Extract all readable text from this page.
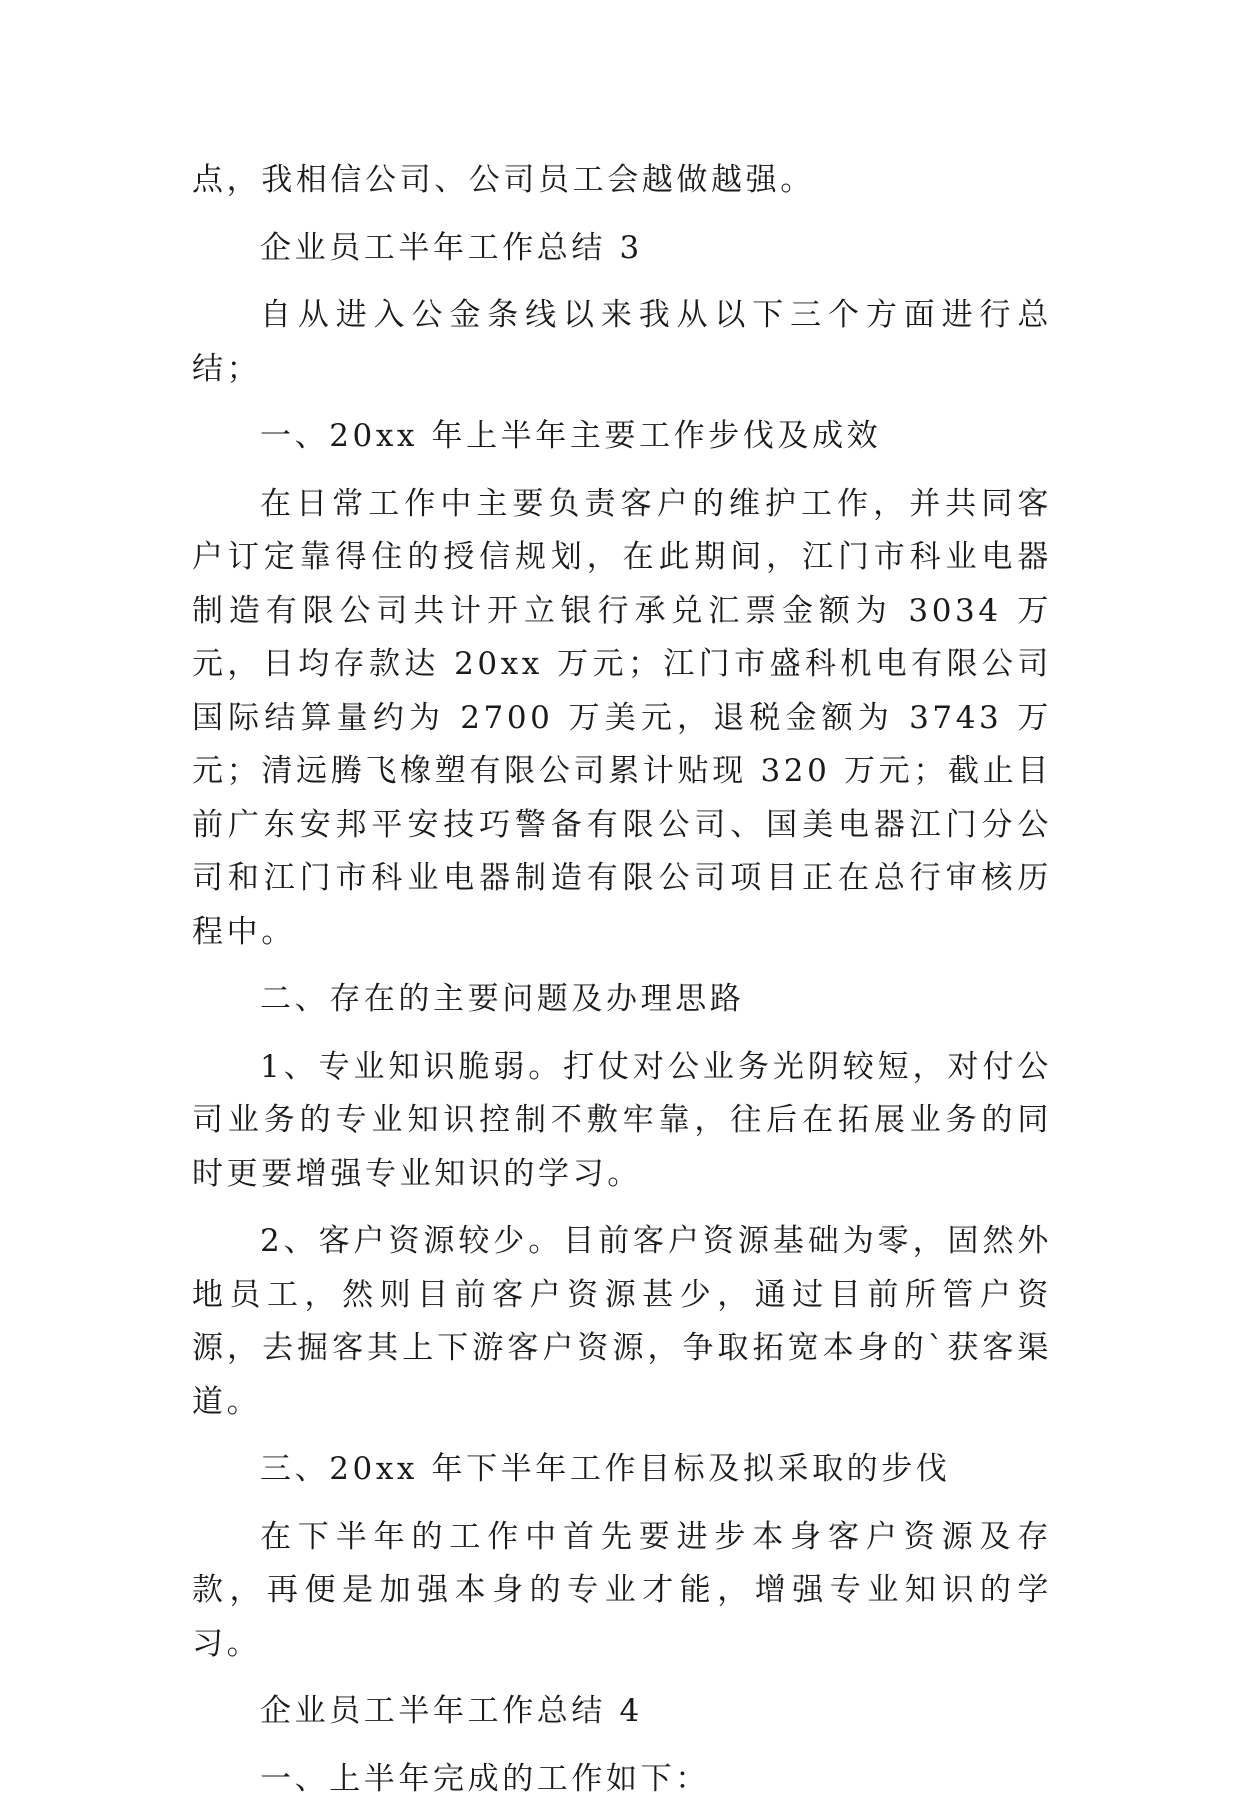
点，我相信公司、公司员工会越做越强。

企业员工半年工作总结 3

自从进入公金条线以来我从以下三个方面进行总结；

一、20xx 年上半年主要工作步伐及成效

在日常工作中主要负责客户的维护工作，并共同客户订定靠得住的授信规划，在此期间，江门市科业电器制造有限公司共计开立银行承兑汇票金额为 3034 万元，日均存款达 20xx 万元；江门市盛科机电有限公司国际结算量约为 2700 万美元，退税金额为 3743 万元；清远腾飞橡塑有限公司累计贴现 320 万元；截止目前广东安邦平安技巧警备有限公司、国美电器江门分公司和江门市科业电器制造有限公司项目正在总行审核历程中。

二、存在的主要问题及办理思路

1、专业知识脆弱。打仗对公业务光阴较短，对付公司业务的专业知识控制不敷牢靠，往后在拓展业务的同时更要增强专业知识的学习。

2、客户资源较少。目前客户资源基础为零，固然外地员工，然则目前客户资源甚少，通过目前所管户资源，去掘客其上下游客户资源，争取拓宽本身的`获客渠道。

三、20xx 年下半年工作目标及拟采取的步伐

在下半年的工作中首先要进步本身客户资源及存款，再便是加强本身的专业才能，增强专业知识的学习。

企业员工半年工作总结 4

一、上半年完成的工作如下：
